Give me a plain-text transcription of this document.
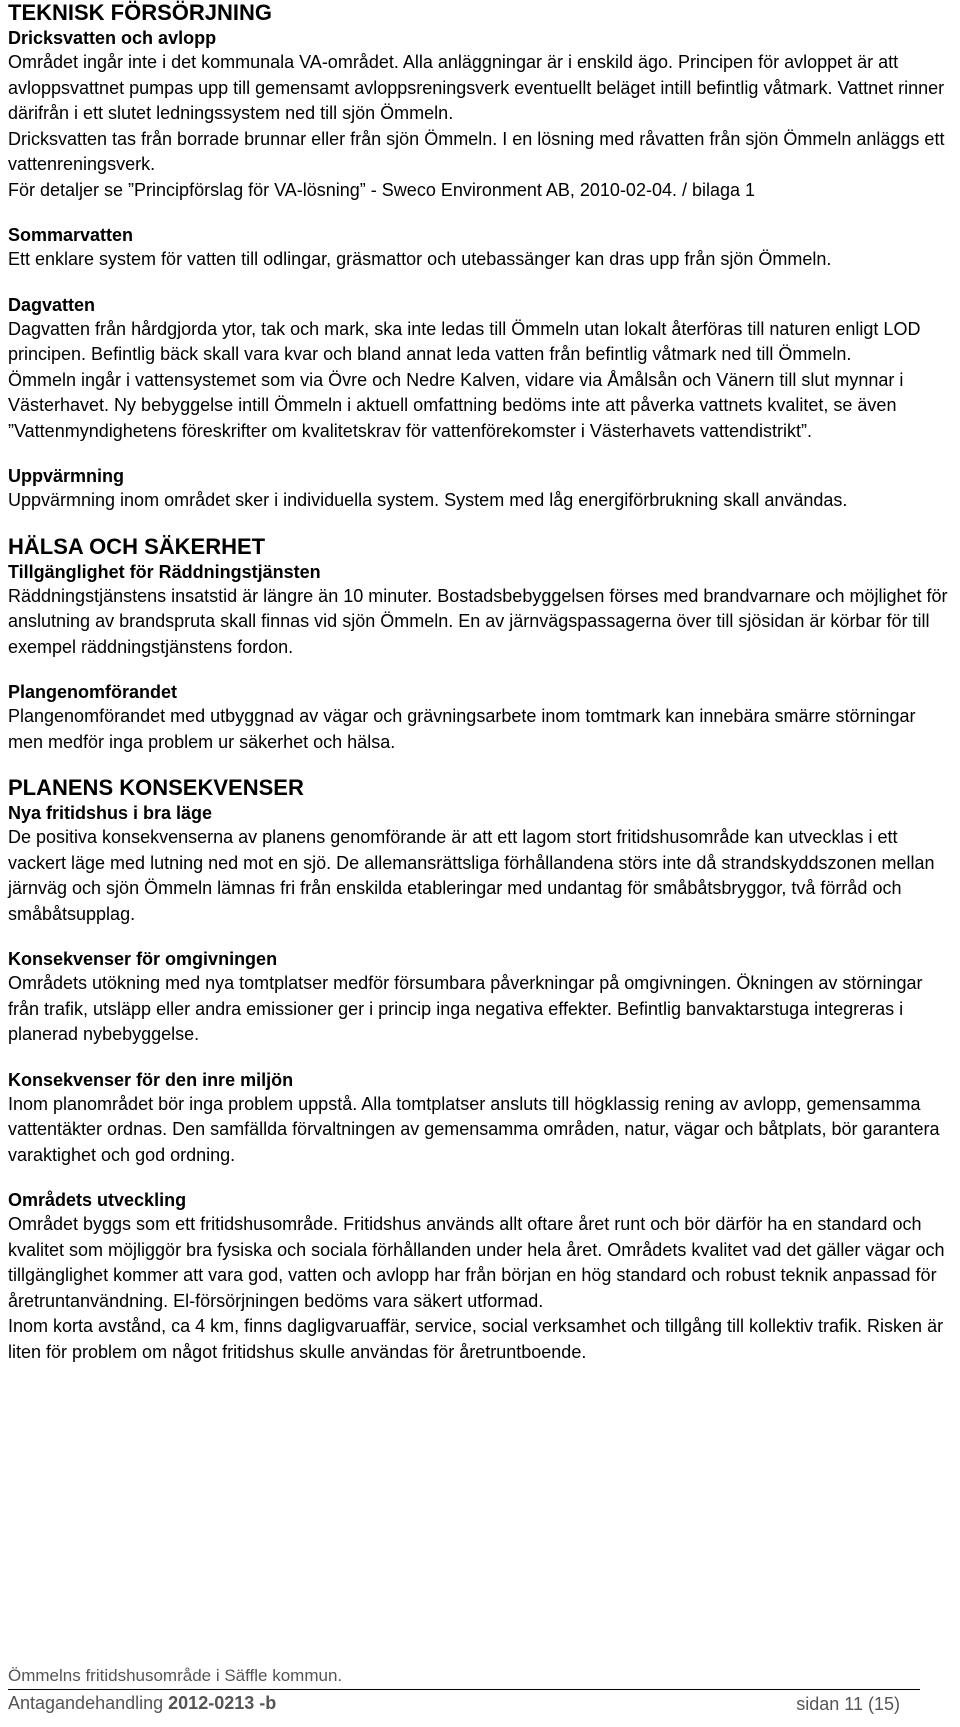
TEKNISK FÖRSÖRJNING
Dricksvatten och avlopp
Området ingår inte i det kommunala VA-området. Alla anläggningar är i enskild ägo. Principen för avloppet är att avloppsvattnet pumpas upp till gemensamt avloppsreningsverk eventuellt beläget intill befintlig våtmark. Vattnet rinner därifrån i ett slutet ledningssystem ned till sjön Ömmeln.
Dricksvatten tas från borrade brunnar eller från sjön Ömmeln. I en lösning med råvatten från sjön Ömmeln anläggs ett vattenreningsverk.
För detaljer se ”Principförslag för VA-lösning” - Sweco Environment AB, 2010-02-04. / bilaga 1
Sommarvatten
Ett enklare system för vatten till odlingar, gräsmattor och utebassänger kan dras upp från sjön Ömmeln.
Dagvatten
Dagvatten från hårdgjorda ytor, tak och mark, ska inte ledas till Ömmeln utan lokalt återföras till naturen enligt LOD principen. Befintlig bäck skall vara kvar och bland annat leda vatten från befintlig våtmark ned till Ömmeln.
Ömmeln ingår i vattensystemet som via Övre och Nedre Kalven, vidare via Åmålsån och Vänern till slut mynnar i Västerhavet. Ny bebyggelse intill Ömmeln i aktuell omfattning bedöms inte att påverka vattnets kvalitet, se även ”Vattenmyndighetens föreskrifter om kvalitetskrav för vattenförekomster i Västerhavets vattendistrikt”.
Uppvärmning
Uppvärmning inom området sker i individuella system. System med låg energiförbrukning skall användas.
HÄLSA OCH SÄKERHET
Tillgänglighet för Räddningstjänsten
Räddningstjänstens insatstid är längre än 10 minuter. Bostadsbebyggelsen förses med brandvarnare och möjlighet för anslutning av brandspruta skall finnas vid sjön Ömmeln. En av järnvägspassagerna över till sjösidan är körbar för till exempel räddningstjänstens fordon.
Plangenomförandet
Plangenomförandet med utbyggnad av vägar och grävningsarbete inom tomtmark kan innebära smärre störningar men medför inga problem ur säkerhet och hälsa.
PLANENS KONSEKVENSER
Nya fritidshus i bra läge
De positiva konsekvenserna av planens genomförande är att ett lagom stort fritidshusområde kan utvecklas i ett vackert läge med lutning ned mot en sjö. De allemansrättsliga förhållandena störs inte då strandskyddszonen mellan järnväg och sjön Ömmeln lämnas fri från enskilda etableringar med undantag för småbåtsbryggor, två förråd och småbåtsupplag.
Konsekvenser för omgivningen
Områdets utökning med nya tomtplatser medför försumbara påverkningar på omgivningen. Ökningen av störningar från trafik, utsläpp eller andra emissioner ger i princip inga negativa effekter. Befintlig banvaktarstuga integreras i planerad nybebyggelse.
Konsekvenser för den inre miljön
Inom planområdet bör inga problem uppstå. Alla tomtplatser ansluts till högklassig rening av avlopp, gemensamma vattentäkter ordnas. Den samfällda förvaltningen av gemensamma områden, natur, vägar och båtplats, bör garantera varaktighet och god ordning.
Områdets utveckling
Området byggs som ett fritidshusområde. Fritidshus används allt oftare året runt och bör därför ha en standard och kvalitet som möjliggör bra fysiska och sociala förhållanden under hela året. Områdets kvalitet vad det gäller vägar och tillgänglighet kommer att vara god, vatten och avlopp har från början en hög standard och robust teknik anpassad för åretruntanvändning. El-försörjningen bedöms vara säkert utformad.
Inom korta avstånd, ca 4 km, finns dagligvaruaffär, service, social verksamhet och tillgång till kollektiv trafik. Risken är liten för problem om något fritidshus skulle användas för åretruntboende.
Ömmelns fritidshusområde i Säffle kommun.
Antagandehandling 2012-0213 -b	sidan 11 (15)
